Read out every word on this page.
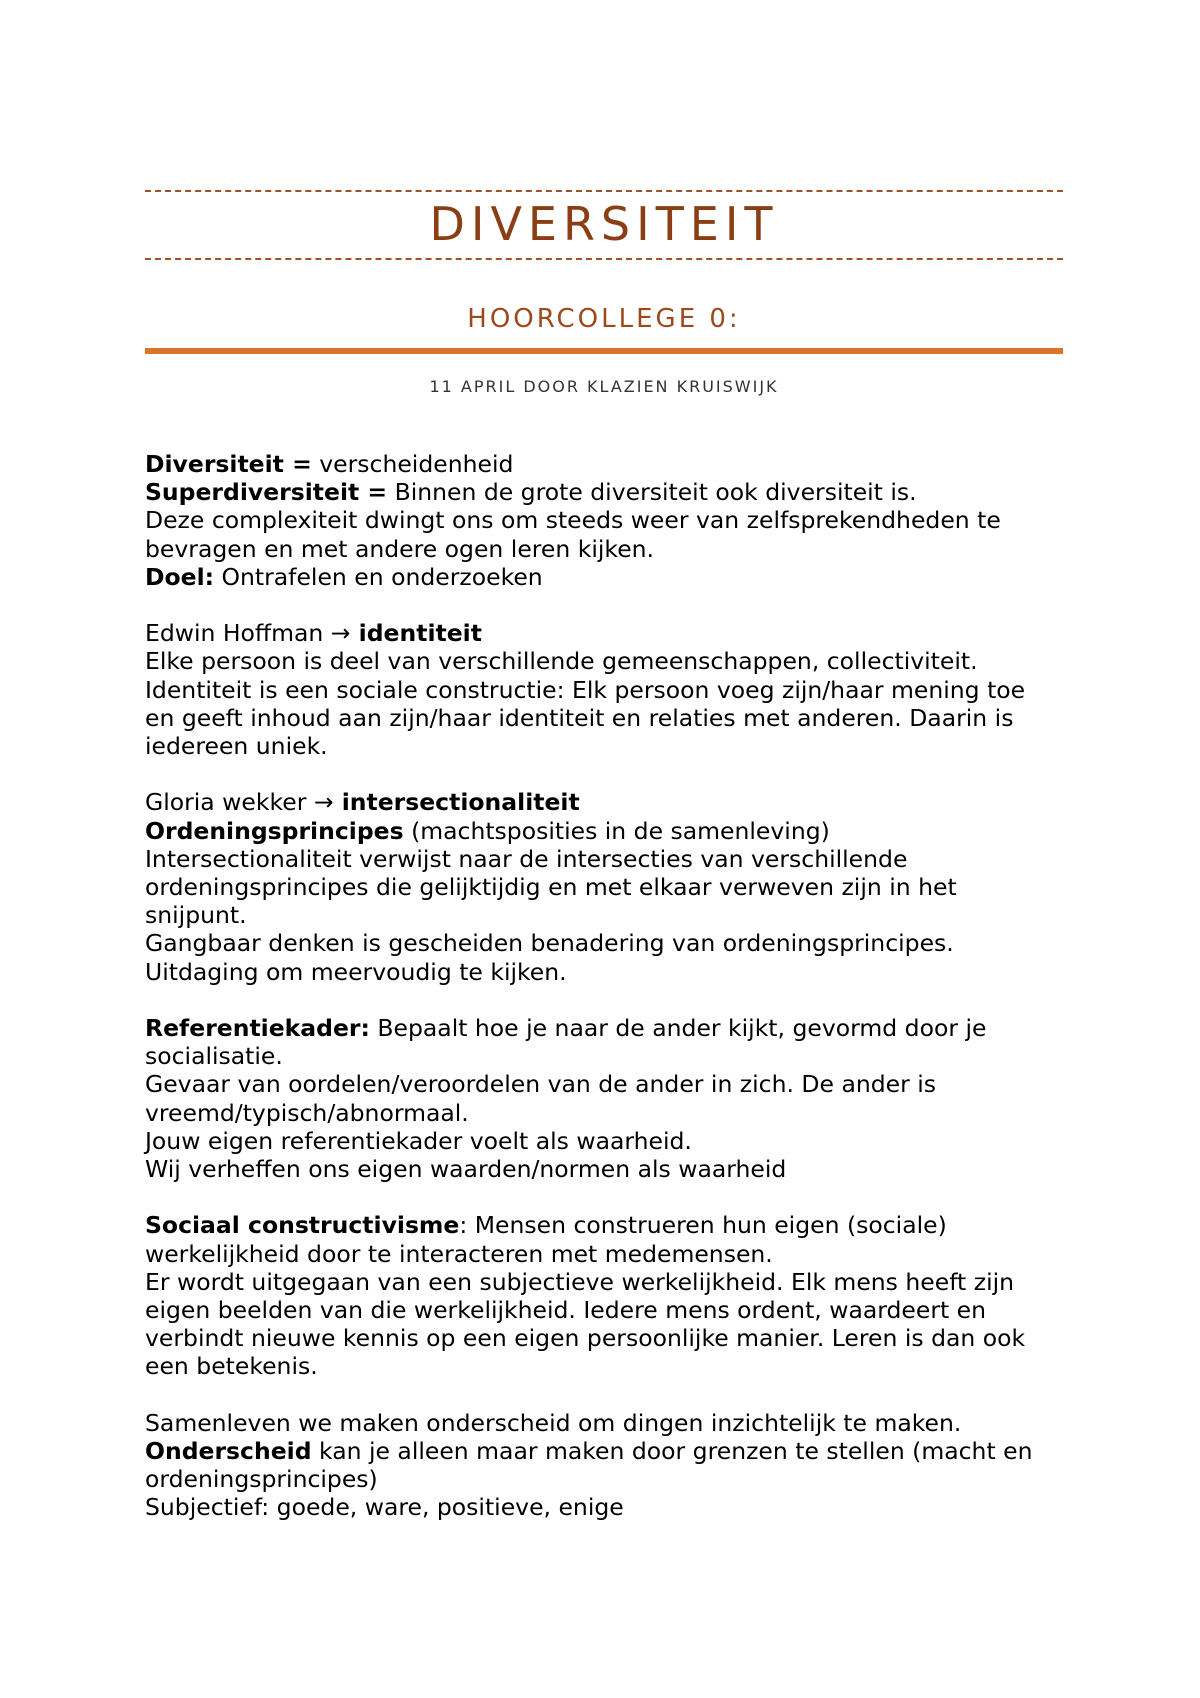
DIVERSITEIT
HOORCOLLEGE 0:
11 APRIL DOOR KLAZIEN KRUISWIJK
Diversiteit = verscheidenheid
Superdiversiteit = Binnen de grote diversiteit ook diversiteit is.
Deze complexiteit dwingt ons om steeds weer van zelfsprekendheden te
bevragen en met andere ogen leren kijken.
Doel: Ontrafelen en onderzoeken
Edwin Hoffman → identiteit
Elke persoon is deel van verschillende gemeenschappen, collectiviteit.
Identiteit is een sociale constructie: Elk persoon voeg zijn/haar mening toe
en geeft inhoud aan zijn/haar identiteit en relaties met anderen. Daarin is
iedereen uniek.
Gloria wekker → intersectionaliteit
Ordeningsprincipes (machtsposities in de samenleving)
Intersectionaliteit verwijst naar de intersecties van verschillende
ordeningsprincipes die gelijktijdig en met elkaar verweven zijn in het
snijpunt.
Gangbaar denken is gescheiden benadering van ordeningsprincipes.
Uitdaging om meervoudig te kijken.
Referentiekader: Bepaalt hoe je naar de ander kijkt, gevormd door je
socialisatie.
Gevaar van oordelen/veroordelen van de ander in zich. De ander is
vreemd/typisch/abnormaal.
Jouw eigen referentiekader voelt als waarheid.
Wij verheffen ons eigen waarden/normen als waarheid
Sociaal constructivisme: Mensen construeren hun eigen (sociale)
werkelijkheid door te interacteren met medemensen.
Er wordt uitgegaan van een subjectieve werkelijkheid. Elk mens heeft zijn
eigen beelden van die werkelijkheid. Iedere mens ordent, waardeert en
verbindt nieuwe kennis op een eigen persoonlijke manier. Leren is dan ook
een betekenis.
Samenleven we maken onderscheid om dingen inzichtelijk te maken.
Onderscheid kan je alleen maar maken door grenzen te stellen (macht en
ordeningsprincipes)
Subjectief: goede, ware, positieve, enige
